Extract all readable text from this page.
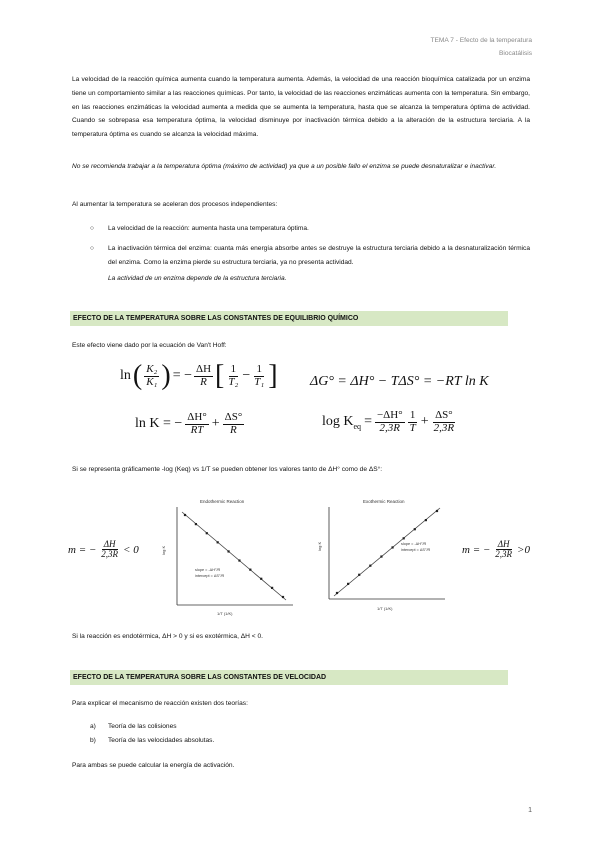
TEMA 7 - Efecto de la temperatura
Biocatálisis
La velocidad de la reacción química aumenta cuando la temperatura aumenta. Además, la velocidad de una reacción bioquímica catalizada por un enzima tiene un comportamiento similar a las reacciones químicas. Por tanto, la velocidad de las reacciones enzimáticas aumenta con la temperatura. Sin embargo, en las reacciones enzimáticas la velocidad aumenta a medida que se aumenta la temperatura, hasta que se alcanza la temperatura óptima de actividad. Cuando se sobrepasa esa temperatura óptima, la velocidad disminuye por inactivación térmica debido a la alteración de la estructura terciaria. A la temperatura óptima es cuando se alcanza la velocidad máxima.
No se recomienda trabajar a la temperatura óptima (máximo de actividad) ya que a un posible fallo el enzima se puede desnaturalizar e inactivar.
Al aumentar la temperatura se aceleran dos procesos independientes:
○ La velocidad de la reacción: aumenta hasta una temperatura óptima.
○ La inactivación térmica del enzima: cuanta más energía absorbe antes se destruye la estructura terciaria debido a la desnaturalización térmica del enzima. Como la enzima pierde su estructura terciaria, ya no presenta actividad.
La actividad de un enzima depende de la estructura terciaria.
EFECTO DE LA TEMPERATURA SOBRE LAS CONSTANTES DE EQUILIBRIO QUÍMICO
Este efecto viene dado por la ecuación de Van't Hoff:
ln ( $\frac{\text{K₂}}{\text{K₁}}$ ) = − $\frac{\Delta H}{R}$ [ $\frac{1}{\text{T₂}} - \frac{1}{\text{T₁}}$ ] ΔG° = ΔH° − TΔS° = −RT ln K
ln K = − $\frac{\Delta H^\circ}{RT} + \frac{\Delta S^\circ}{R}$	$\log K_{eq} = \frac{-\Delta H^\circ}{2,3R} \frac{1}{T} + \frac{\Delta S^\circ}{2,3R}$
Si se representa gráficamente -log (Keq) vs 1/T se pueden obtener los valores tanto de ΔH° como de ΔS°:
m = − $\frac{\Delta H}{2,3R} < 0$	m = − $\frac{\Delta H}{2,3R} >0$
Endothermic Reaction
slope = -ΔH°/R
intercept = ΔS°/R
1/T (1/K)
log K
Exothermic Reaction
slope = -ΔH°/R
intercept = ΔS°/R
1/T (1/K)
log K
Si la reacción es endotérmica, ΔH > 0 y si es exotérmica, ΔH < 0.
EFECTO DE LA TEMPERATURA SOBRE LAS CONSTANTES DE VELOCIDAD
Para explicar el mecanismo de reacción existen dos teorías:
a) Teoría de las colisiones
b) Teoría de las velocidades absolutas.
Para ambas se puede calcular la energía de activación.
1
